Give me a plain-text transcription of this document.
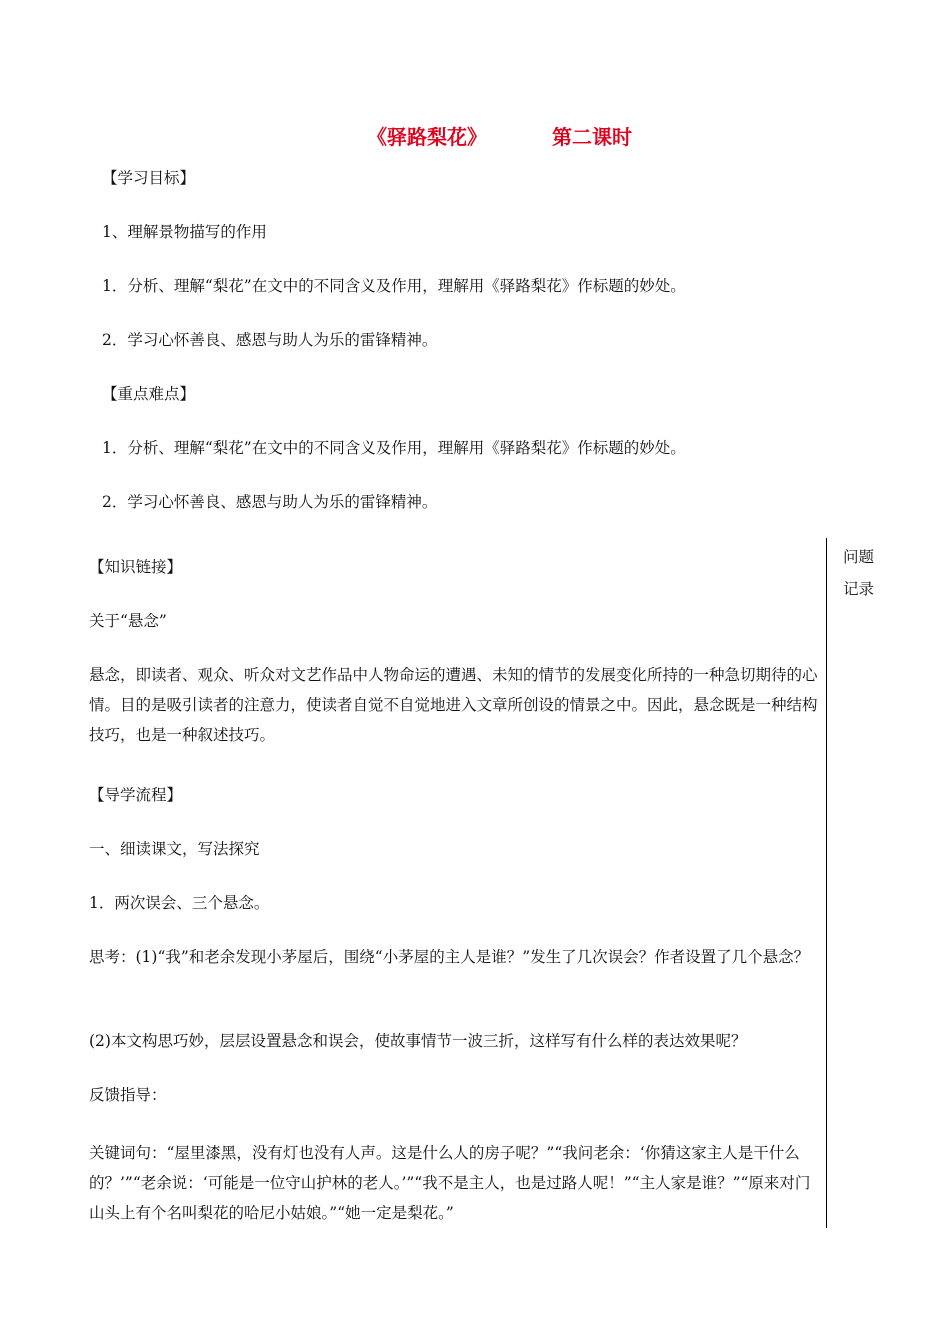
《驿路梨花》	第二课时
【学习目标】
1、理解景物描写的作用
1．分析、理解“梨花”在文中的不同含义及作用，理解用《驿路梨花》作标题的妙处。
2．学习心怀善良、感恩与助人为乐的雷锋精神。
【重点难点】
1．分析、理解“梨花”在文中的不同含义及作用，理解用《驿路梨花》作标题的妙处。
2．学习心怀善良、感恩与助人为乐的雷锋精神。
问题
记录
【知识链接】
关于“悬念”
悬念，即读者、观众、听众对文艺作品中人物命运的遭遇、未知的情节的发展变化所持的一种急切期待的心情。目的是吸引读者的注意力，使读者自觉不自觉地进入文章所创设的情景之中。因此，悬念既是一种结构技巧，也是一种叙述技巧。
【导学流程】
一、细读课文，写法探究
1．两次误会、三个悬念。
思考：(1)“我”和老余发现小茅屋后，围绕“小茅屋的主人是谁？”发生了几次误会？作者设置了几个悬念？
(2)本文构思巧妙，层层设置悬念和误会，使故事情节一波三折，这样写有什么样的表达效果呢？
反馈指导：
关键词句：“屋里漆黑，没有灯也没有人声。这是什么人的房子呢？”“我问老余：‘你猜这家主人是干什么的？’”“老余说：‘可能是一位守山护林的老人。’”“我不是主人，也是过路人呢！”“主人家是谁？”“原来对门山头上有个名叫梨花的哈尼小姑娘。”“她一定是梨花。”
